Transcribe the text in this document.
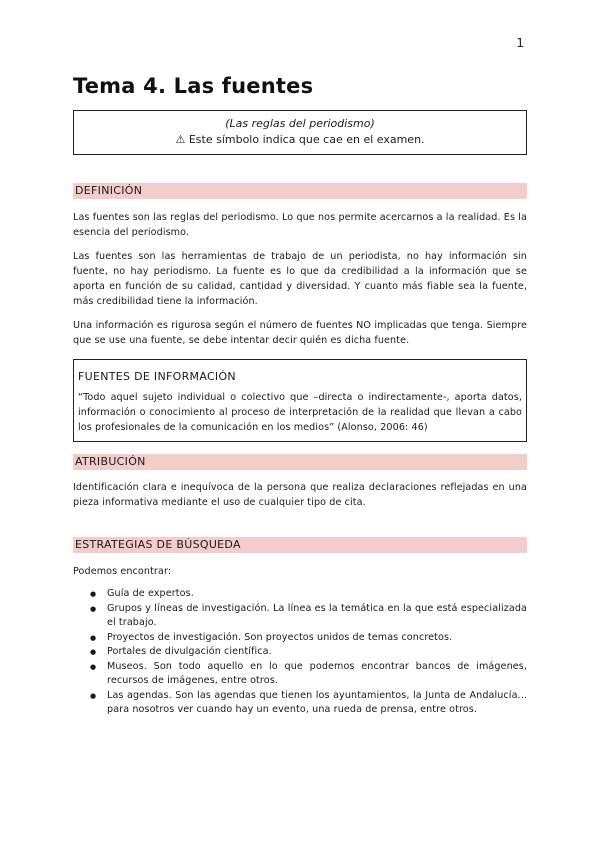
1
Tema 4. Las fuentes
(Las reglas del periodismo)
⚠ Este símbolo indica que cae en el examen.
DEFINICIÓN

Las fuentes son las reglas del periodismo. Lo que nos permite acercarnos a la realidad. Es la esencia del periodismo.

Las fuentes son las herramientas de trabajo de un periodista, no hay información sin fuente, no hay periodismo. La fuente es lo que da credibilidad a la información que se aporta en función de su calidad, cantidad y diversidad. Y cuanto más fiable sea la fuente, más credibilidad tiene la información.

Una información es rigurosa según el número de fuentes NO implicadas que tenga. Siempre que se use una fuente, se debe intentar decir quién es dicha fuente.

FUENTES DE INFORMACIÓN

“Todo aquel sujeto individual o colectivo que –directa o indirectamente-, aporta datos, información o conocimiento al proceso de interpretación de la realidad que llevan a cabo los profesionales de la comunicación en los medios” (Alonso, 2006: 46)

ATRIBUCIÓN

Identificación clara e inequívoca de la persona que realiza declaraciones reflejadas en una pieza informativa mediante el uso de cualquier tipo de cita.

ESTRATEGIAS DE BÚSQUEDA

Podemos encontrar:

● Guía de expertos.
● Grupos y líneas de investigación. La línea es la temática en la que está especializada el trabajo.
● Proyectos de investigación. Son proyectos unidos de temas concretos.
● Portales de divulgación científica.
● Museos. Son todo aquello en lo que podemos encontrar bancos de imágenes, recursos de imágenes, entre otros.
● Las agendas. Son las agendas que tienen los ayuntamientos, la Junta de Andalucía... para nosotros ver cuando hay un evento, una rueda de prensa, entre otros.
